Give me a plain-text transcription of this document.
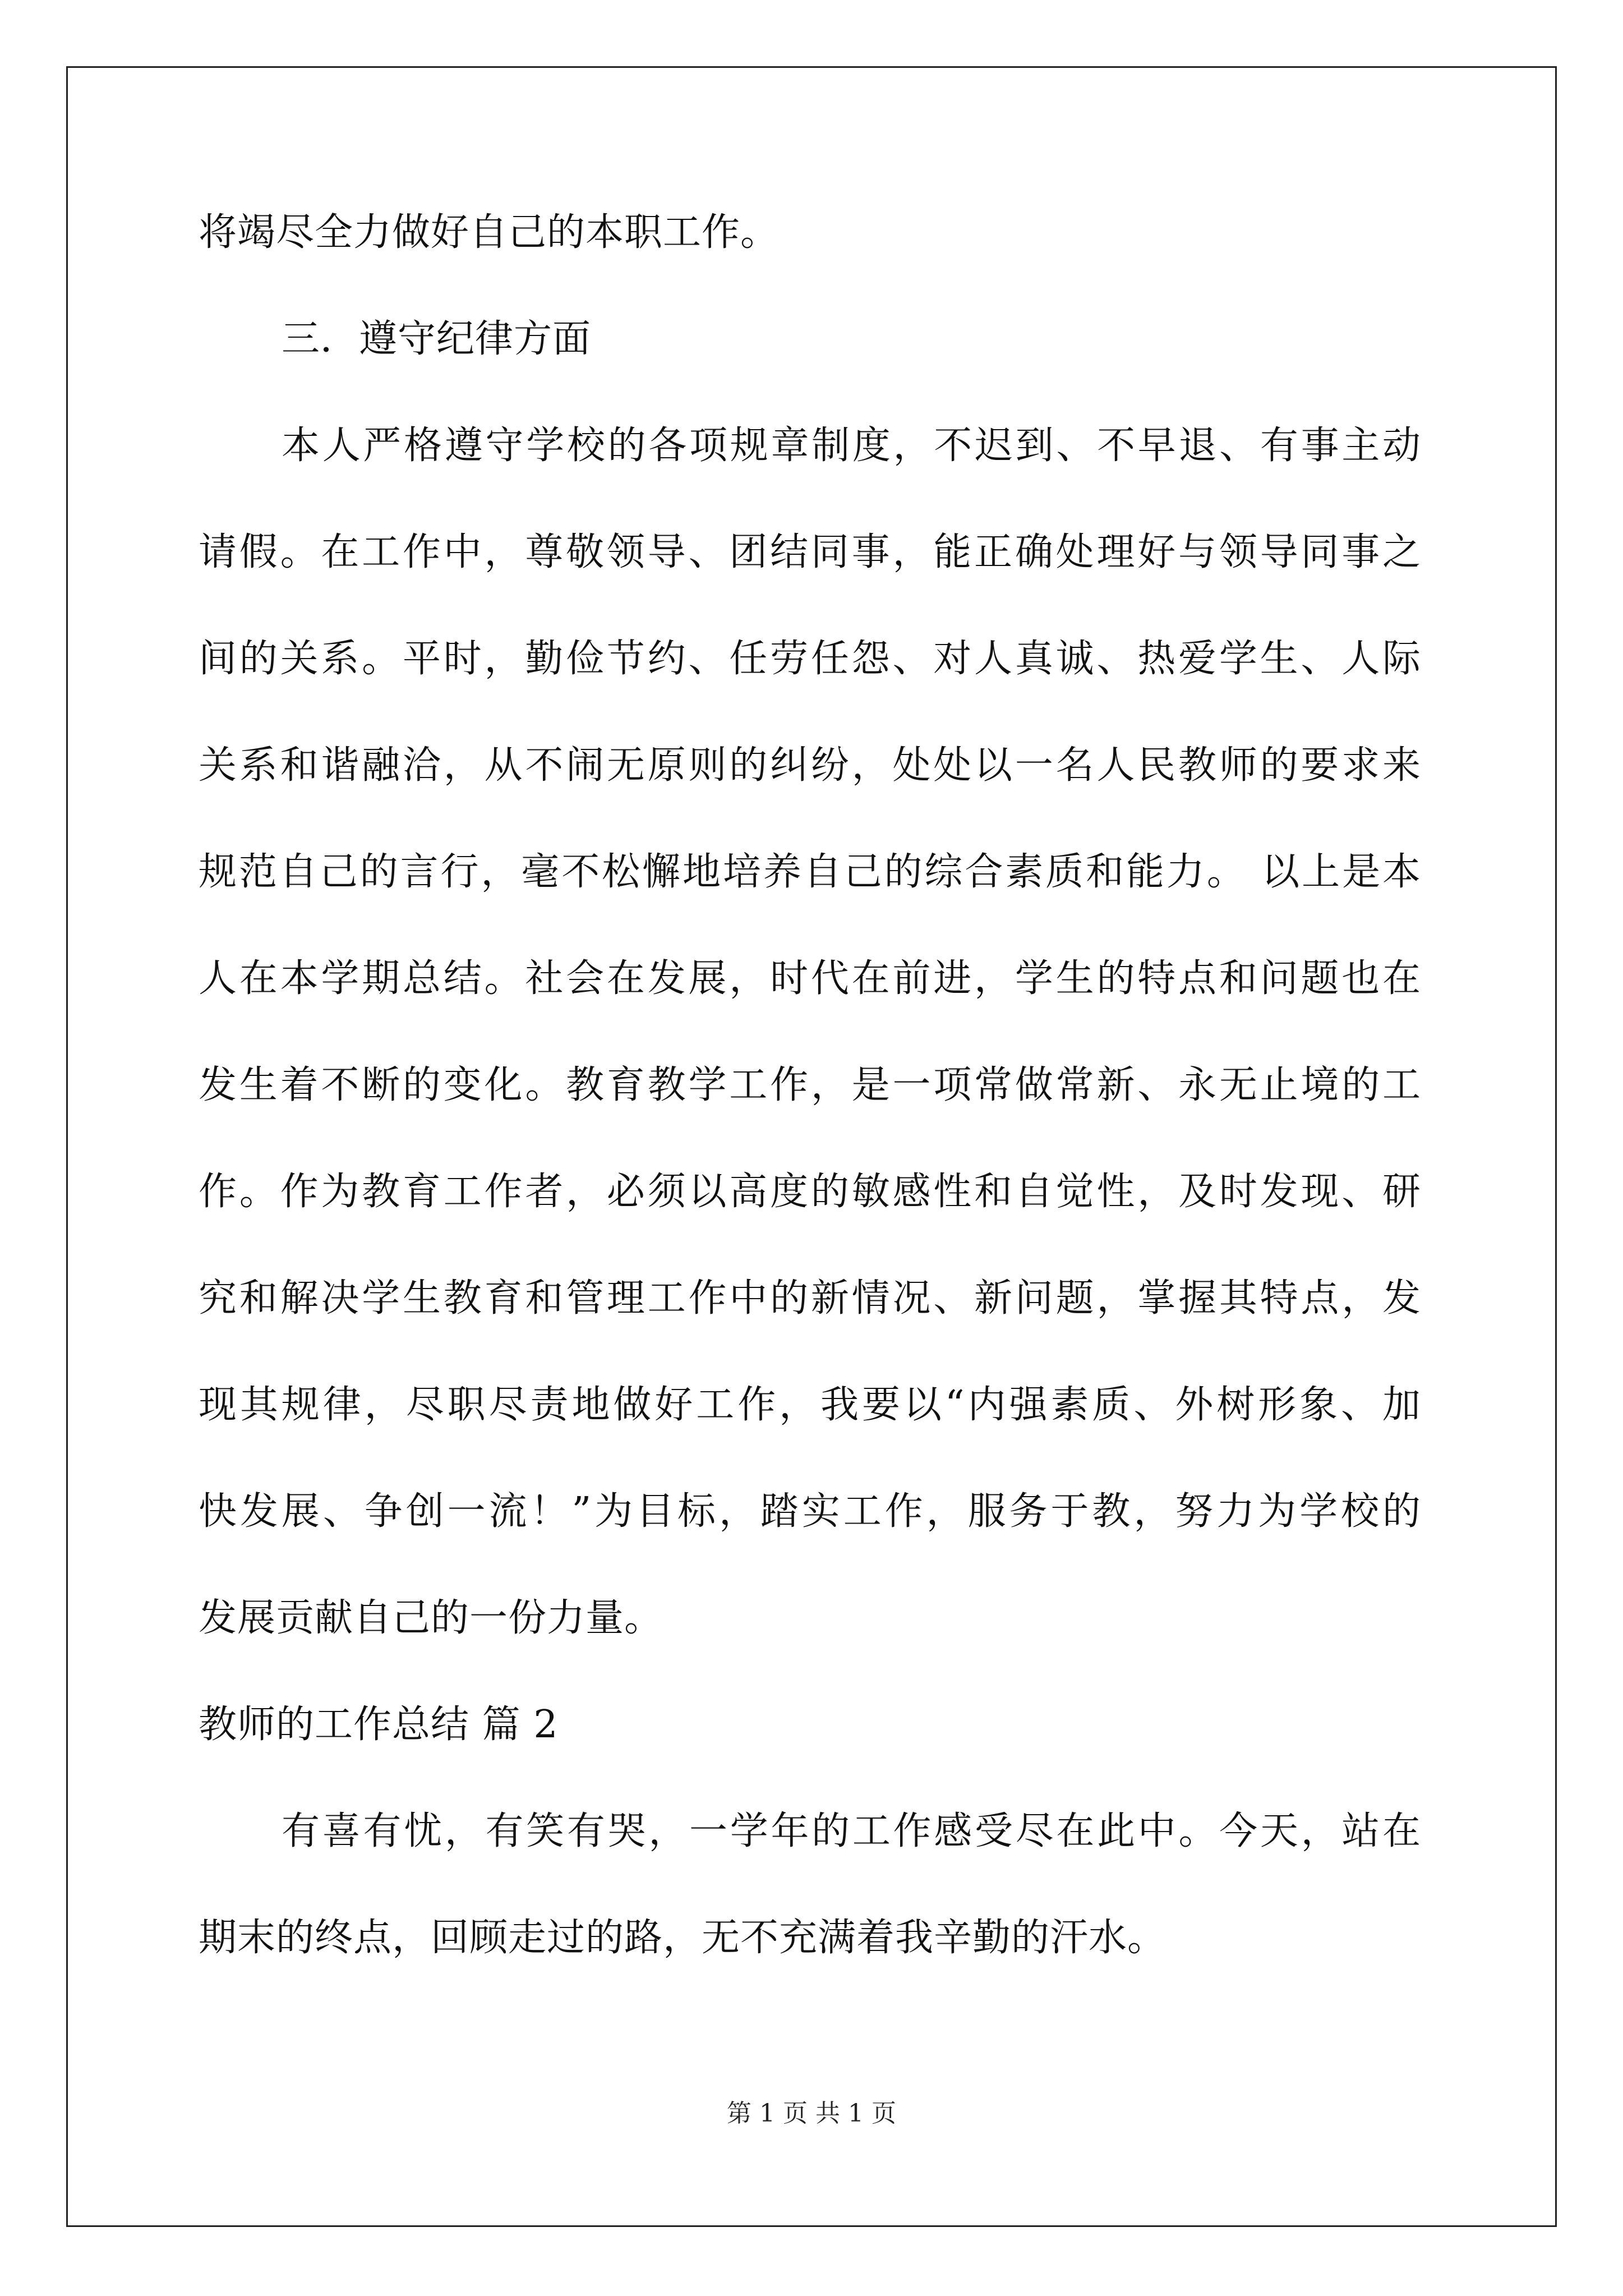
将竭尽全力做好自己的本职工作。
三．遵守纪律方面
本人严格遵守学校的各项规章制度，不迟到、不早退、有事主动
请假。在工作中，尊敬领导、团结同事，能正确处理好与领导同事之
间的关系。平时，勤俭节约、任劳任怨、对人真诚、热爱学生、人际
关系和谐融洽，从不闹无原则的纠纷，处处以一名人民教师的要求来
规范自己的言行，毫不松懈地培养自己的综合素质和能力。 以上是本
人在本学期总结。社会在发展，时代在前进，学生的特点和问题也在
发生着不断的变化。教育教学工作，是一项常做常新、永无止境的工
作。作为教育工作者，必须以高度的敏感性和自觉性，及时发现、研
究和解决学生教育和管理工作中的新情况、新问题，掌握其特点，发
现其规律，尽职尽责地做好工作，我要以“内强素质、外树形象、加
快发展、争创一流！”为目标，踏实工作，服务于教，努力为学校的
发展贡献自己的一份力量。
教师的工作总结 篇 2
有喜有忧，有笑有哭，一学年的工作感受尽在此中。今天，站在
期末的终点，回顾走过的路，无不充满着我辛勤的汗水。
第 1 页 共 1 页
